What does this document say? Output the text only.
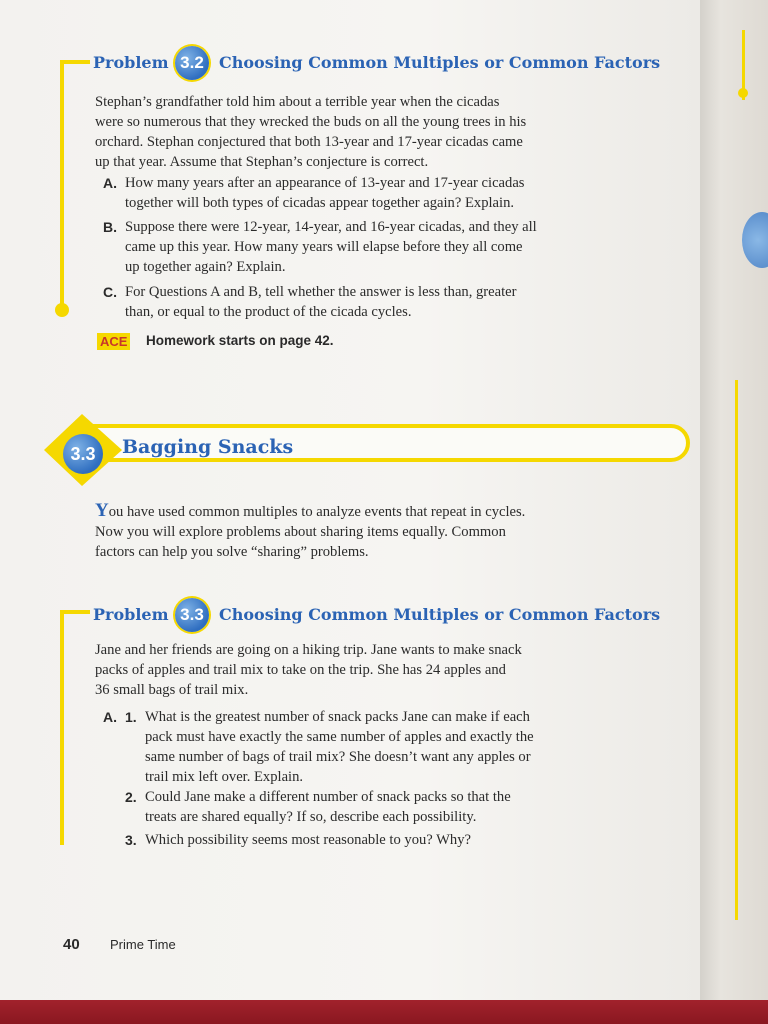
Problem 3.2 Choosing Common Multiples or Common Factors
Stephan’s grandfather told him about a terrible year when the cicadas
were so numerous that they wrecked the buds on all the young trees in his
orchard. Stephan conjectured that both 13-year and 17-year cicadas came
up that year. Assume that Stephan’s conjecture is correct.
A. How many years after an appearance of 13-year and 17-year cicadas
together will both types of cicadas appear together again? Explain.
B. Suppose there were 12-year, 14-year, and 16-year cicadas, and they all
came up this year. How many years will elapse before they all come
up together again? Explain.
C. For Questions A and B, tell whether the answer is less than, greater
than, or equal to the product of the cicada cycles.
ACE Homework starts on page 42.
3.3	Bagging Snacks
You have used common multiples to analyze events that repeat in cycles.
Now you will explore problems about sharing items equally. Common
factors can help you solve “sharing” problems.
Problem 3.3 Choosing Common Multiples or Common Factors
Jane and her friends are going on a hiking trip. Jane wants to make snack
packs of apples and trail mix to take on the trip. She has 24 apples and
36 small bags of trail mix.
A. 1. What is the greatest number of snack packs Jane can make if each
pack must have exactly the same number of apples and exactly the
same number of bags of trail mix? She doesn’t want any apples or
trail mix left over. Explain.
2. Could Jane make a different number of snack packs so that the
treats are shared equally? If so, describe each possibility.
3. Which possibility seems most reasonable to you? Why?
40 Prime Time
